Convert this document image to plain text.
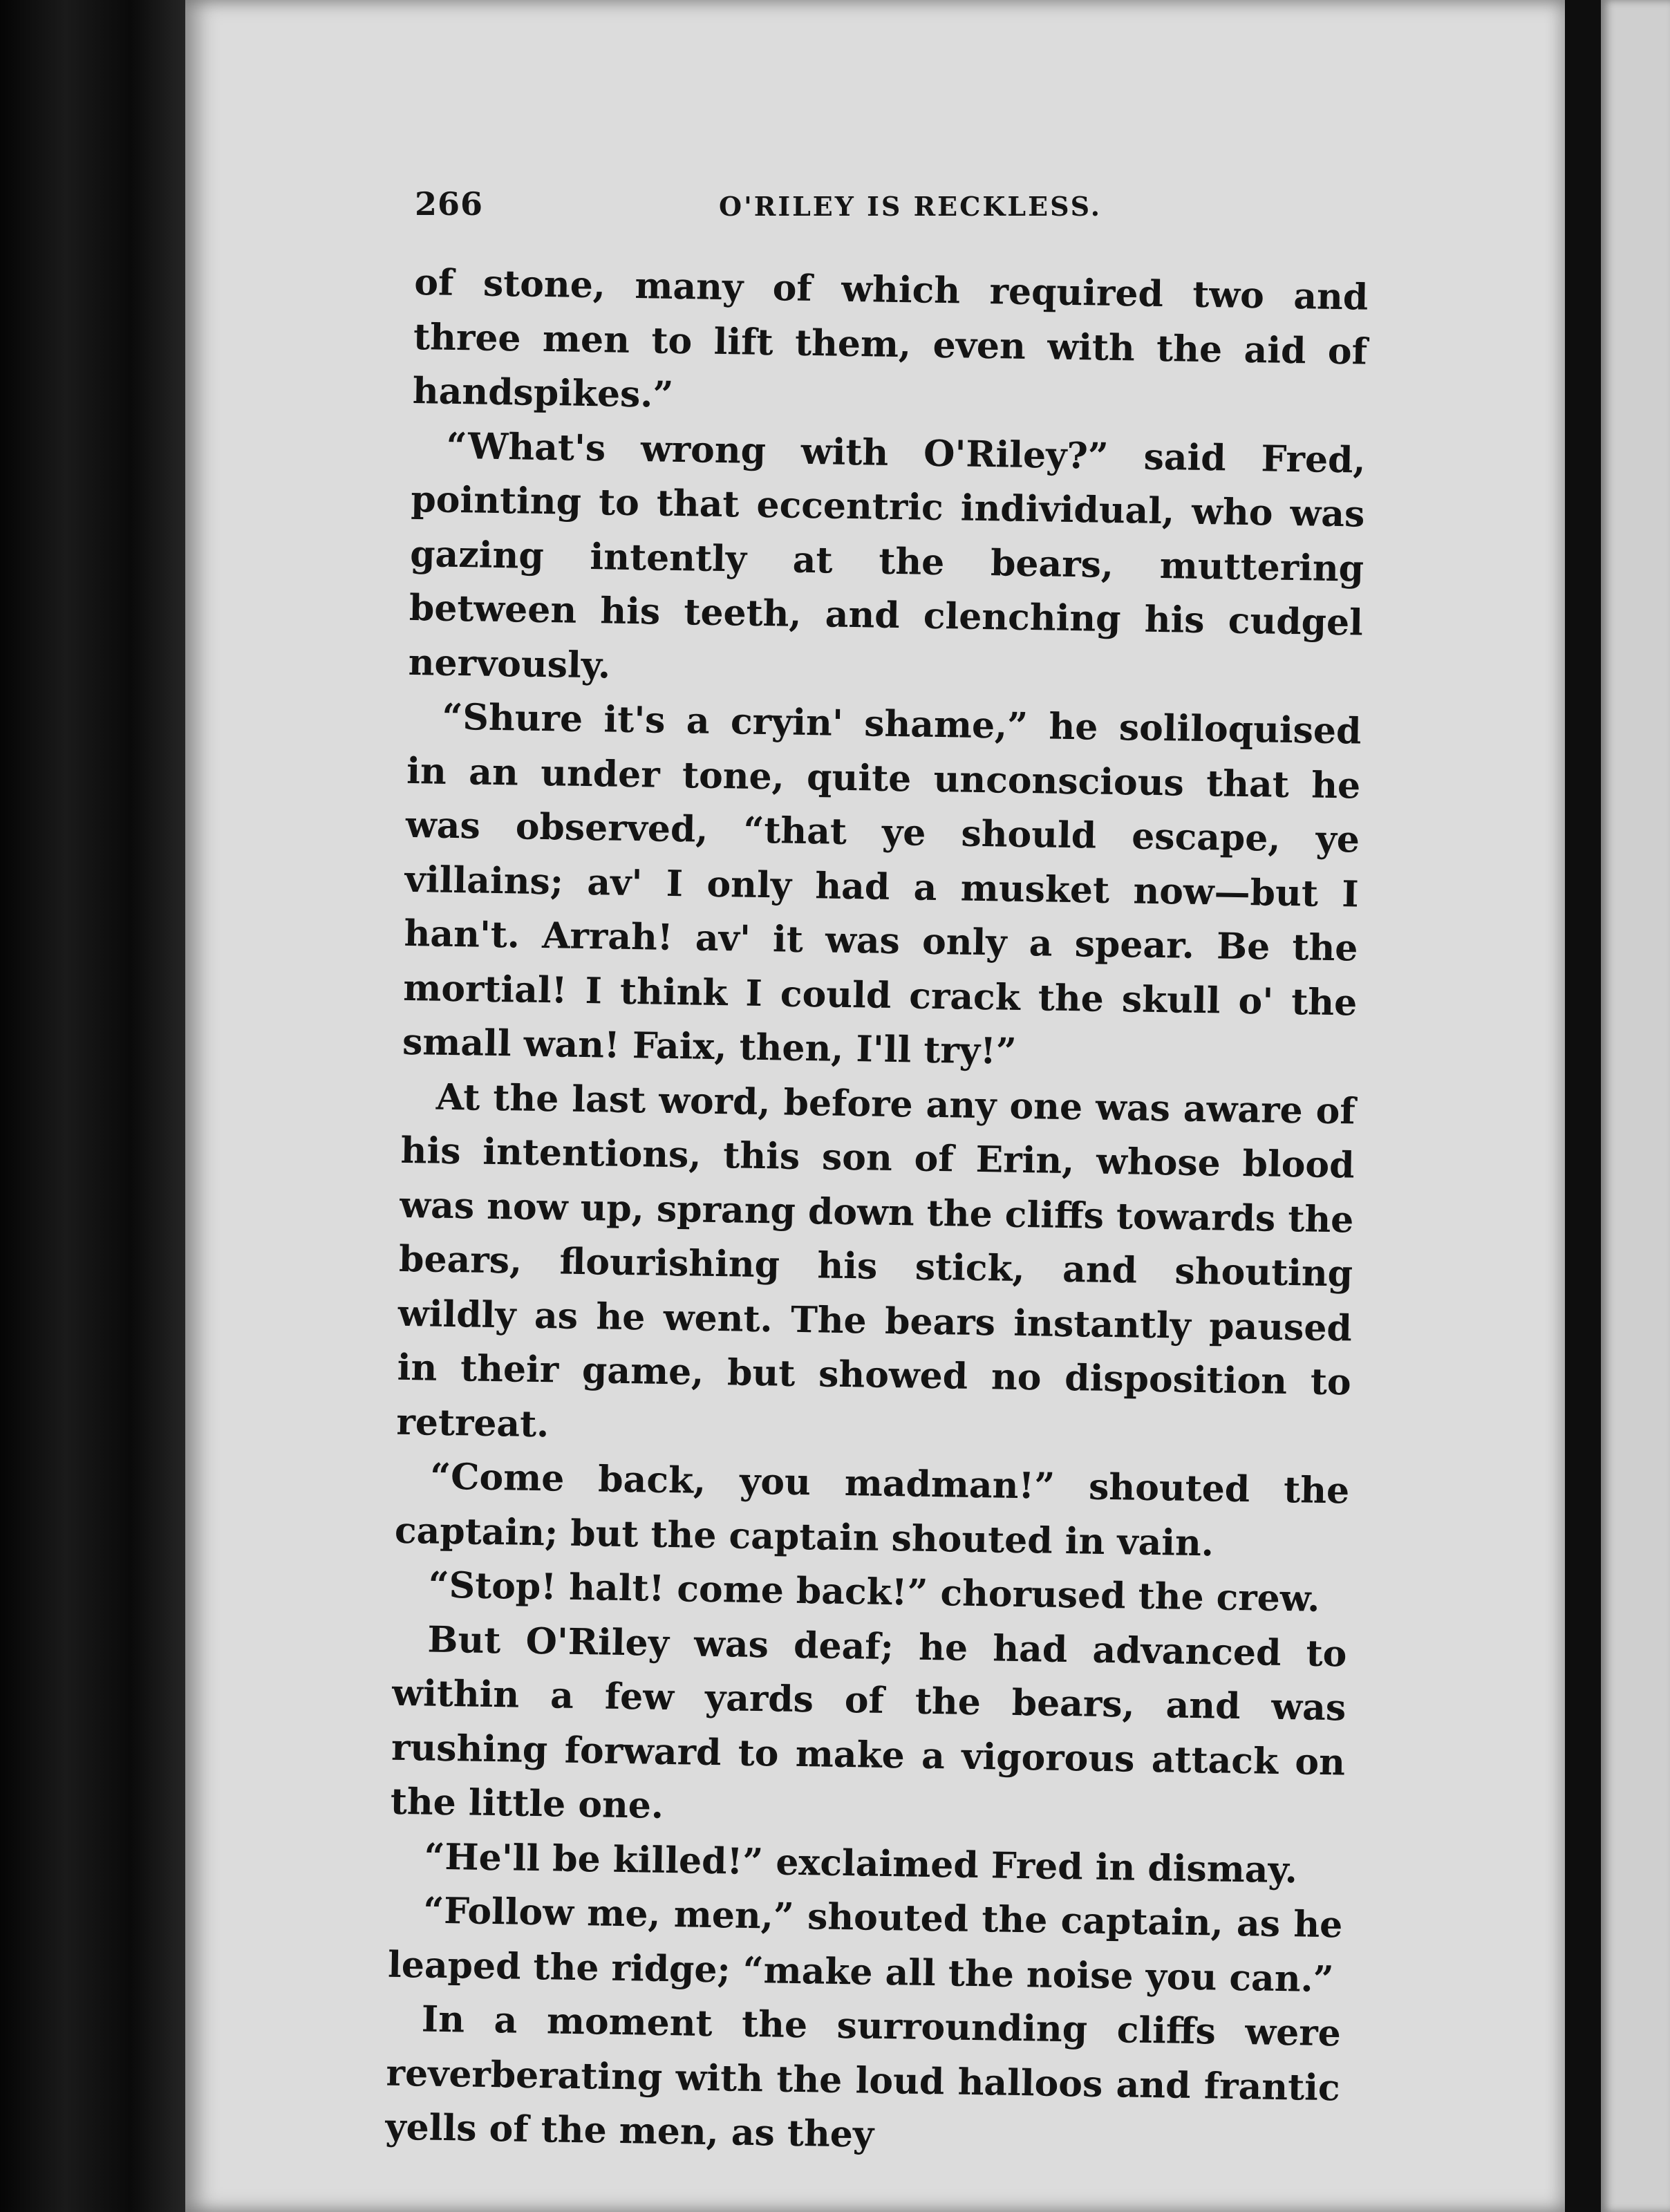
266	O'RILEY IS RECKLESS.

of stone, many of which required two and three men to lift them, even with the aid of handspikes.”

“What's wrong with O'Riley?” said Fred, pointing to that eccentric individual, who was gazing intently at the bears, muttering between his teeth, and clenching his cudgel nervously.

“Shure it's a cryin' shame,” he soliloquised in an under tone, quite unconscious that he was observed, “that ye should escape, ye villains; av' I only had a musket now—but I han't. Arrah! av' it was only a spear. Be the mortial! I think I could crack the skull o' the small wan! Faix, then, I'll try!”

At the last word, before any one was aware of his intentions, this son of Erin, whose blood was now up, sprang down the cliffs towards the bears, flourishing his stick, and shouting wildly as he went. The bears instantly paused in their game, but showed no disposition to retreat.

“Come back, you madman!” shouted the captain; but the captain shouted in vain.

“Stop! halt! come back!” chorused the crew.

But O'Riley was deaf; he had advanced to within a few yards of the bears, and was rushing forward to make a vigorous attack on the little one.

“He'll be killed!” exclaimed Fred in dismay.

“Follow me, men,” shouted the captain, as he leaped the ridge; “make all the noise you can.”

In a moment the surrounding cliffs were reverberating with the loud halloos and frantic yells of the men, as they
